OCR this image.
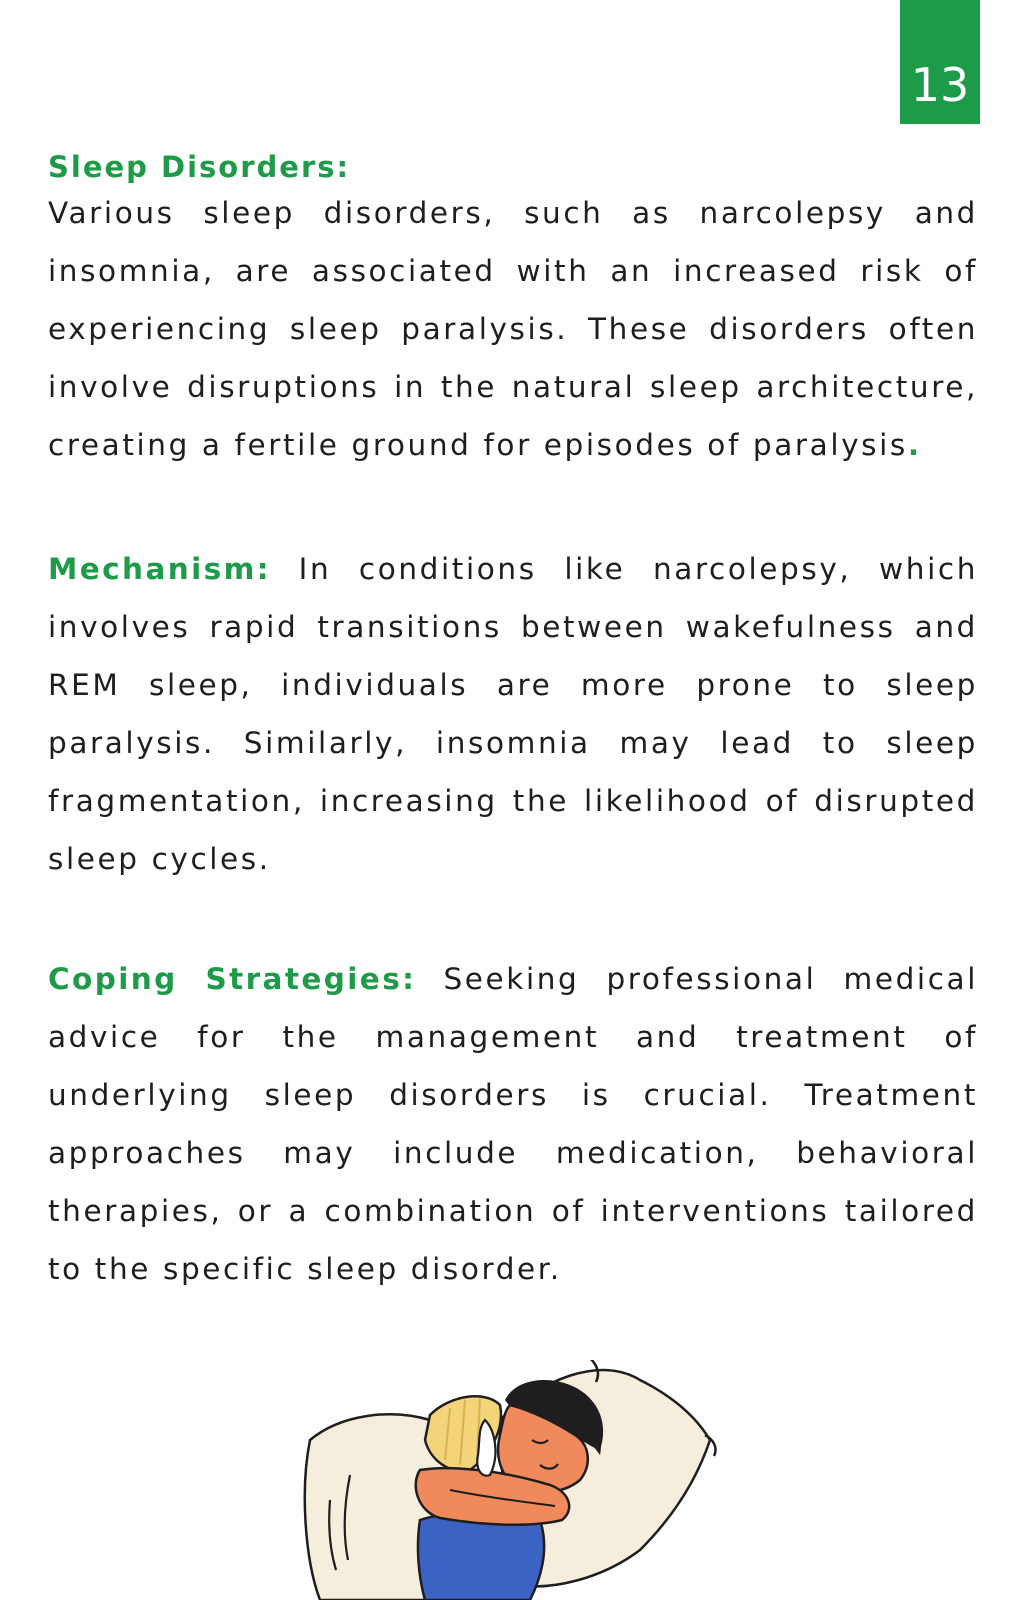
13
Sleep Disorders:

Various sleep disorders, such as narcolepsy and insomnia, are associated with an increased risk of experiencing sleep paralysis. These disorders often involve disruptions in the natural sleep architecture, creating a fertile ground for episodes of paralysis.

Mechanism: In conditions like narcolepsy, which involves rapid transitions between wakefulness and REM sleep, individuals are more prone to sleep paralysis. Similarly, insomnia may lead to sleep fragmentation, increasing the likelihood of disrupted sleep cycles.

Coping Strategies: Seeking professional medical advice for the management and treatment of underlying sleep disorders is crucial. Treatment approaches may include medication, behavioral therapies, or a combination of interventions tailored to the specific sleep disorder.
